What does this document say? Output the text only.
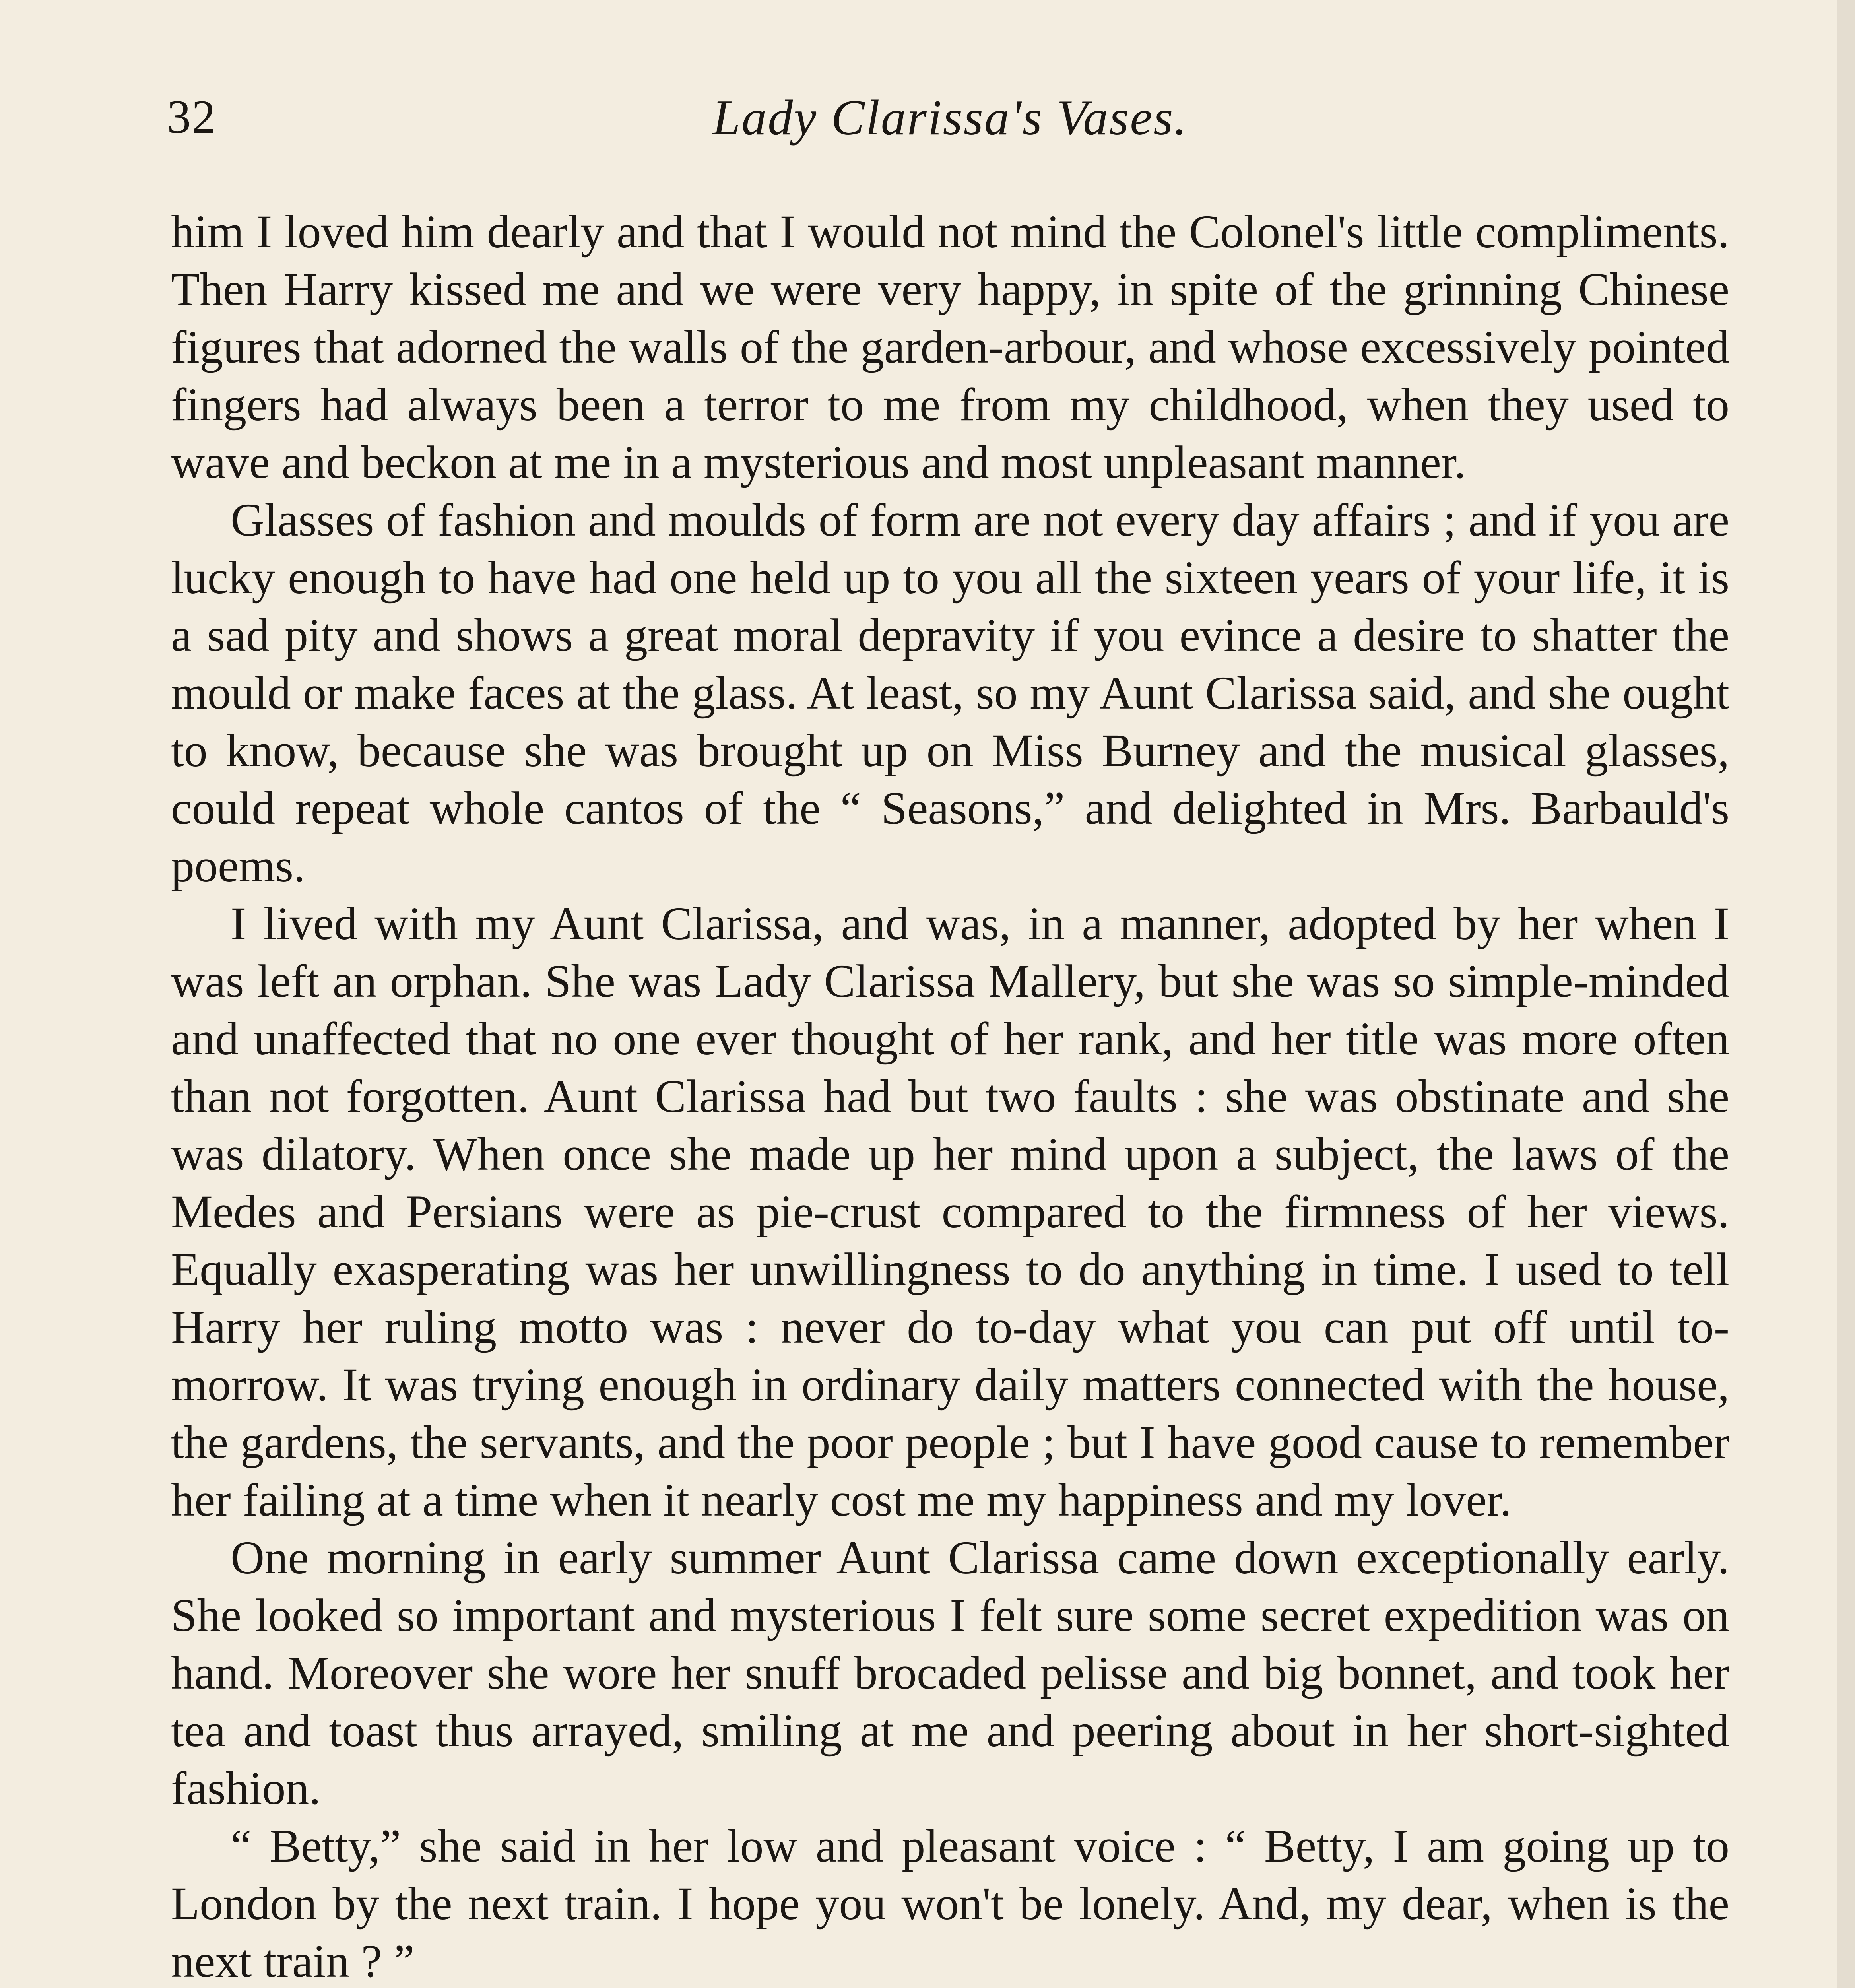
32	Lady Clarissa's Vases.

him I loved him dearly and that I would not mind the Colonel's little compliments. Then Harry kissed me and we were very happy, in spite of the grinning Chinese figures that adorned the walls of the garden-arbour, and whose excessively pointed fingers had always been a terror to me from my childhood, when they used to wave and beckon at me in a mysterious and most unpleasant manner.

Glasses of fashion and moulds of form are not every day affairs ; and if you are lucky enough to have had one held up to you all the sixteen years of your life, it is a sad pity and shows a great moral depravity if you evince a desire to shatter the mould or make faces at the glass. At least, so my Aunt Clarissa said, and she ought to know, because she was brought up on Miss Burney and the musical glasses, could repeat whole cantos of the “ Seasons,” and delighted in Mrs. Barbauld's poems.

I lived with my Aunt Clarissa, and was, in a manner, adopted by her when I was left an orphan. She was Lady Clarissa Mallery, but she was so simple-minded and unaffected that no one ever thought of her rank, and her title was more often than not forgotten. Aunt Clarissa had but two faults : she was obstinate and she was dilatory. When once she made up her mind upon a subject, the laws of the Medes and Persians were as pie-crust compared to the firmness of her views. Equally exasperating was her unwillingness to do anything in time. I used to tell Harry her ruling motto was : never do to-day what you can put off until to-morrow. It was trying enough in ordinary daily matters connected with the house, the gardens, the servants, and the poor people ; but I have good cause to remember her failing at a time when it nearly cost me my happiness and my lover.

One morning in early summer Aunt Clarissa came down exceptionally early. She looked so important and mysterious I felt sure some secret expedition was on hand. Moreover she wore her snuff brocaded pelisse and big bonnet, and took her tea and toast thus arrayed, smiling at me and peering about in her short-sighted fashion.

“ Betty,” she said in her low and pleasant voice : “ Betty, I am going up to London by the next train. I hope you won't be lonely. And, my dear, when is the next train ? ”
